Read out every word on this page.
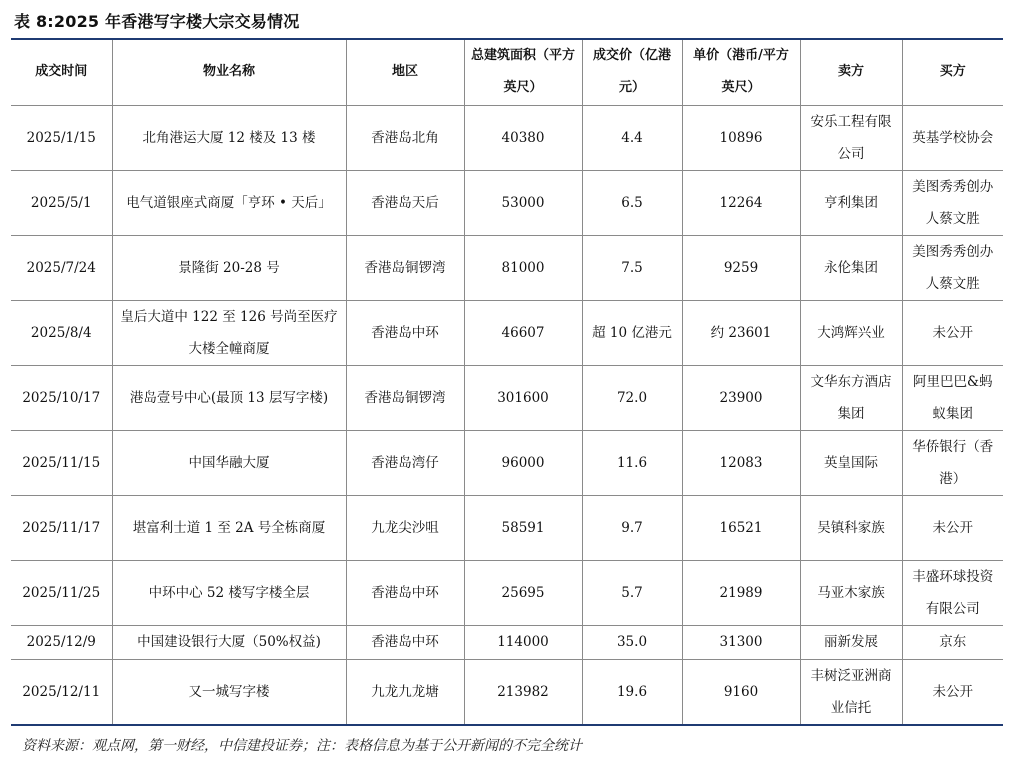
表 8:2025 年香港写字楼大宗交易情况
成交时间	物业名称	地区	总建筑面积（平方英尺）	成交价（亿港元）	单价（港币/平方英尺）	卖方	买方
2025/1/15	北角港运大厦 12 楼及 13 楼	香港岛北角	40380	4.4	10896	安乐工程有限公司	英基学校协会
2025/5/1	电气道银座式商厦「亨环 • 天后」	香港岛天后	53000	6.5	12264	亨利集团	美图秀秀创办人蔡文胜
2025/7/24	景隆街 20-28 号	香港岛铜锣湾	81000	7.5	9259	永伦集团	美图秀秀创办人蔡文胜
2025/8/4	皇后大道中 122 至 126 号尚至医疗大楼全幢商厦	香港岛中环	46607	超 10 亿港元	约 23601	大鸿辉兴业	未公开
2025/10/17	港岛壹号中心(最顶 13 层写字楼)	香港岛铜锣湾	301600	72.0	23900	文华东方酒店集团	阿里巴巴&蚂蚁集团
2025/11/15	中国华融大厦	香港岛湾仔	96000	11.6	12083	英皇国际	华侨银行（香港）
2025/11/17	堪富利士道 1 至 2A 号全栋商厦	九龙尖沙咀	58591	9.7	16521	吴镇科家族	未公开
2025/11/25	中环中心 52 楼写字楼全层	香港岛中环	25695	5.7	21989	马亚木家族	丰盛环球投资有限公司
2025/12/9	中国建设银行大厦（50%权益)	香港岛中环	114000	35.0	31300	丽新发展	京东
2025/12/11	又一城写字楼	九龙九龙塘	213982	19.6	9160	丰树泛亚洲商业信托	未公开
资料来源：观点网，第一财经，中信建投证券；注：表格信息为基于公开新闻的不完全统计
